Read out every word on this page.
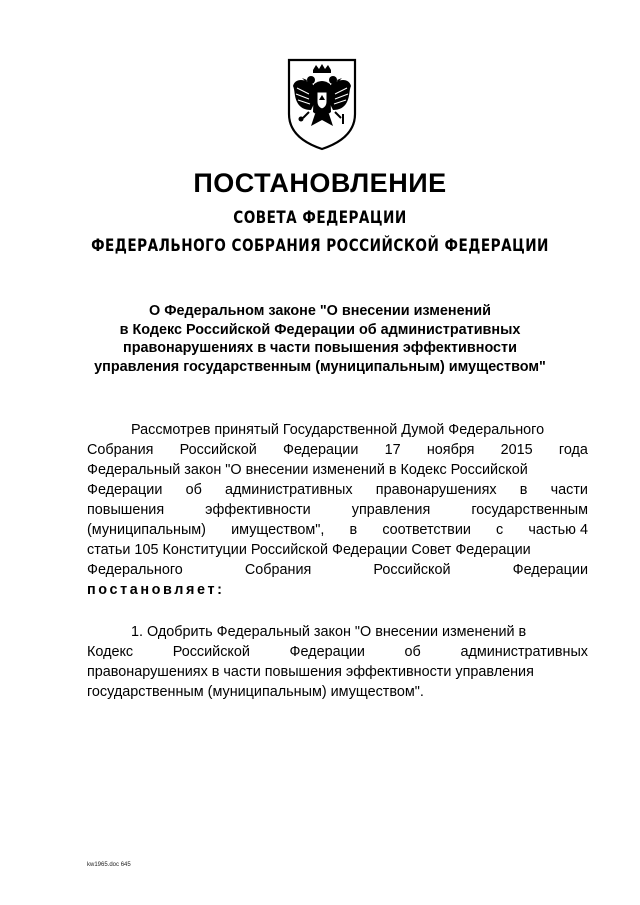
ПОСТАНОВЛЕНИЕ
СОВЕТА ФЕДЕРАЦИИ
ФЕДЕРАЛЬНОГО СОБРАНИЯ РОССИЙСКОЙ ФЕДЕРАЦИИ
О Федеральном законе "О внесении изменений
в Кодекс Российской Федерации об административных
правонарушениях в части повышения эффективности
управления государственным (муниципальным) имуществом"
Рассмотрев принятый Государственной Думой Федерального
Собрания Российской Федерации 17 ноября 2015 года
Федеральный закон "О внесении изменений в Кодекс Российской
Федерации об административных правонарушениях в части
повышения	эффективности	управления	государственным
(муниципальным) имуществом", в соответствии с частью 4
статьи 105 Конституции Российской Федерации Совет Федерации
Федерального	Собрания	Российской	Федерации
постановляет:
1. Одобрить Федеральный закон "О внесении изменений в
Кодекс	Российской	Федерации	об	административных
правонарушениях в части повышения эффективности управления
государственным (муниципальным) имуществом".
kw1965.doc 645
